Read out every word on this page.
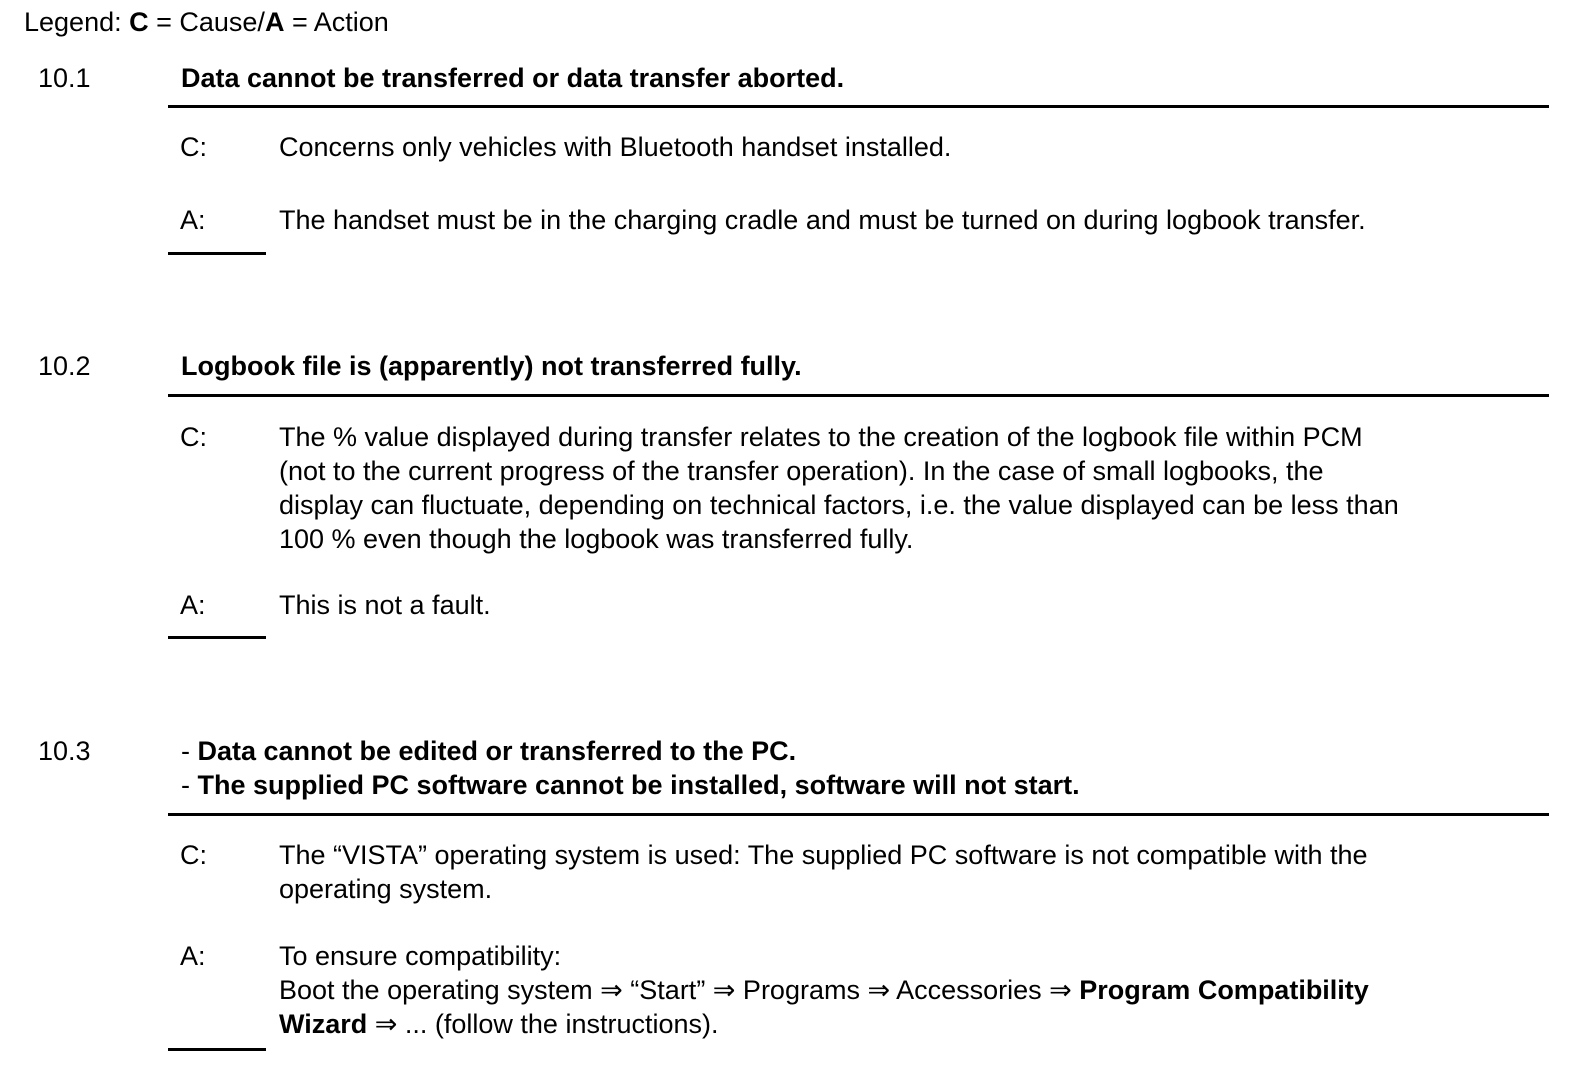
Legend: C = Cause/A = Action
10.1	Data cannot be transferred or data transfer aborted.
C:	Concerns only vehicles with Bluetooth handset installed.
A:	The handset must be in the charging cradle and must be turned on during logbook transfer.
10.2	Logbook file is (apparently) not transferred fully.
C:	The % value displayed during transfer relates to the creation of the logbook file within PCM
(not to the current progress of the transfer operation). In the case of small logbooks, the
display can fluctuate, depending on technical factors, i.e. the value displayed can be less than
100 % even though the logbook was transferred fully.
A:	This is not a fault.
10.3	- Data cannot be edited or transferred to the PC.
- The supplied PC software cannot be installed, software will not start.
C:	The “VISTA” operating system is used: The supplied PC software is not compatible with the
operating system.
A:	To ensure compatibility:
Boot the operating system ⇒ “Start” ⇒ Programs ⇒ Accessories ⇒ Program Compatibility
Wizard ⇒ ... (follow the instructions).
